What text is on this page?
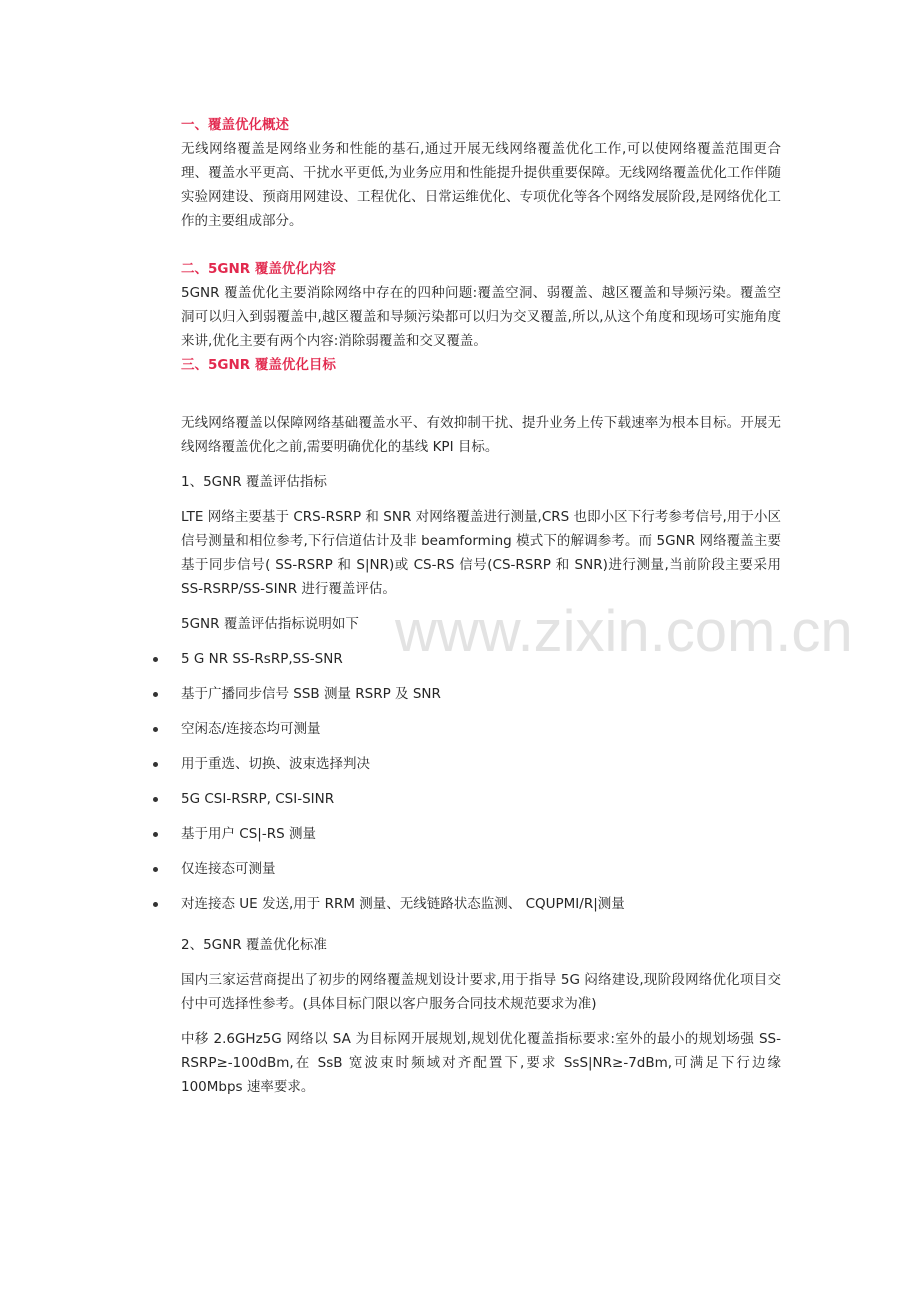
www.zixin.com.cn
一、覆盖优化概述

无线网络覆盖是网络业务和性能的基石,通过开展无线网络覆盖优化工作,可以使网络覆盖范围更合理、覆盖水平更高、干扰水平更低,为业务应用和性能提升提供重要保障。无线网络覆盖优化工作伴随实验网建设、预商用网建设、工程优化、日常运维优化、专项优化等各个网络发展阶段,是网络优化工作的主要组成部分。

二、5GNR 覆盖优化内容

5GNR 覆盖优化主要消除网络中存在的四种问题:覆盖空洞、弱覆盖、越区覆盖和导频污染。覆盖空洞可以归入到弱覆盖中,越区覆盖和导频污染都可以归为交叉覆盖,所以,从这个角度和现场可实施角度来讲,优化主要有两个内容:消除弱覆盖和交叉覆盖。

三、5GNR 覆盖优化目标

无线网络覆盖以保障网络基础覆盖水平、有效抑制干扰、提升业务上传下载速率为根本目标。开展无线网络覆盖优化之前,需要明确优化的基线 KPI 目标。

1、5GNR 覆盖评估指标

LTE 网络主要基于 CRS-RSRP 和 SNR 对网络覆盖进行测量,CRS 也即小区下行考参考信号,用于小区信号测量和相位参考,下行信道估计及非 beamforming 模式下的解调参考。而 5GNR 网络覆盖主要基于同步信号( SS-RSRP 和 S|NR)或 CS-RS 信号(CS-RSRP 和 SNR)进行测量,当前阶段主要采用 SS-RSRP/SS-SINR 进行覆盖评估。

5GNR 覆盖评估指标说明如下

5 G NR SS-RsRP,SS-SNR
基于广播同步信号 SSB 测量 RSRP 及 SNR
空闲态/连接态均可测量
用于重选、切换、波束选择判决
5G CSI-RSRP, CSI-SINR
基于用户 CS|-RS 测量
仅连接态可测量
对连接态 UE 发送,用于 RRM 测量、无线链路状态监测、 CQUPMI/R|测量

2、5GNR 覆盖优化标准

国内三家运营商提出了初步的网络覆盖规划设计要求,用于指导 5G 闷络建设,现阶段网络优化项目交付中可选择性参考。(具体目标门限以客户服务合同技术规范要求为准)

中移 2.6GHz5G 网络以 SA 为目标网开展规划,规划优化覆盖指标要求:室外的最小的规划场强 SS-RSRP≥-100dBm,在 SsB 宽波束时频域对齐配置下,要求 SsS|NR≥-7dBm,可满足下行边缘 100Mbps 速率要求。
